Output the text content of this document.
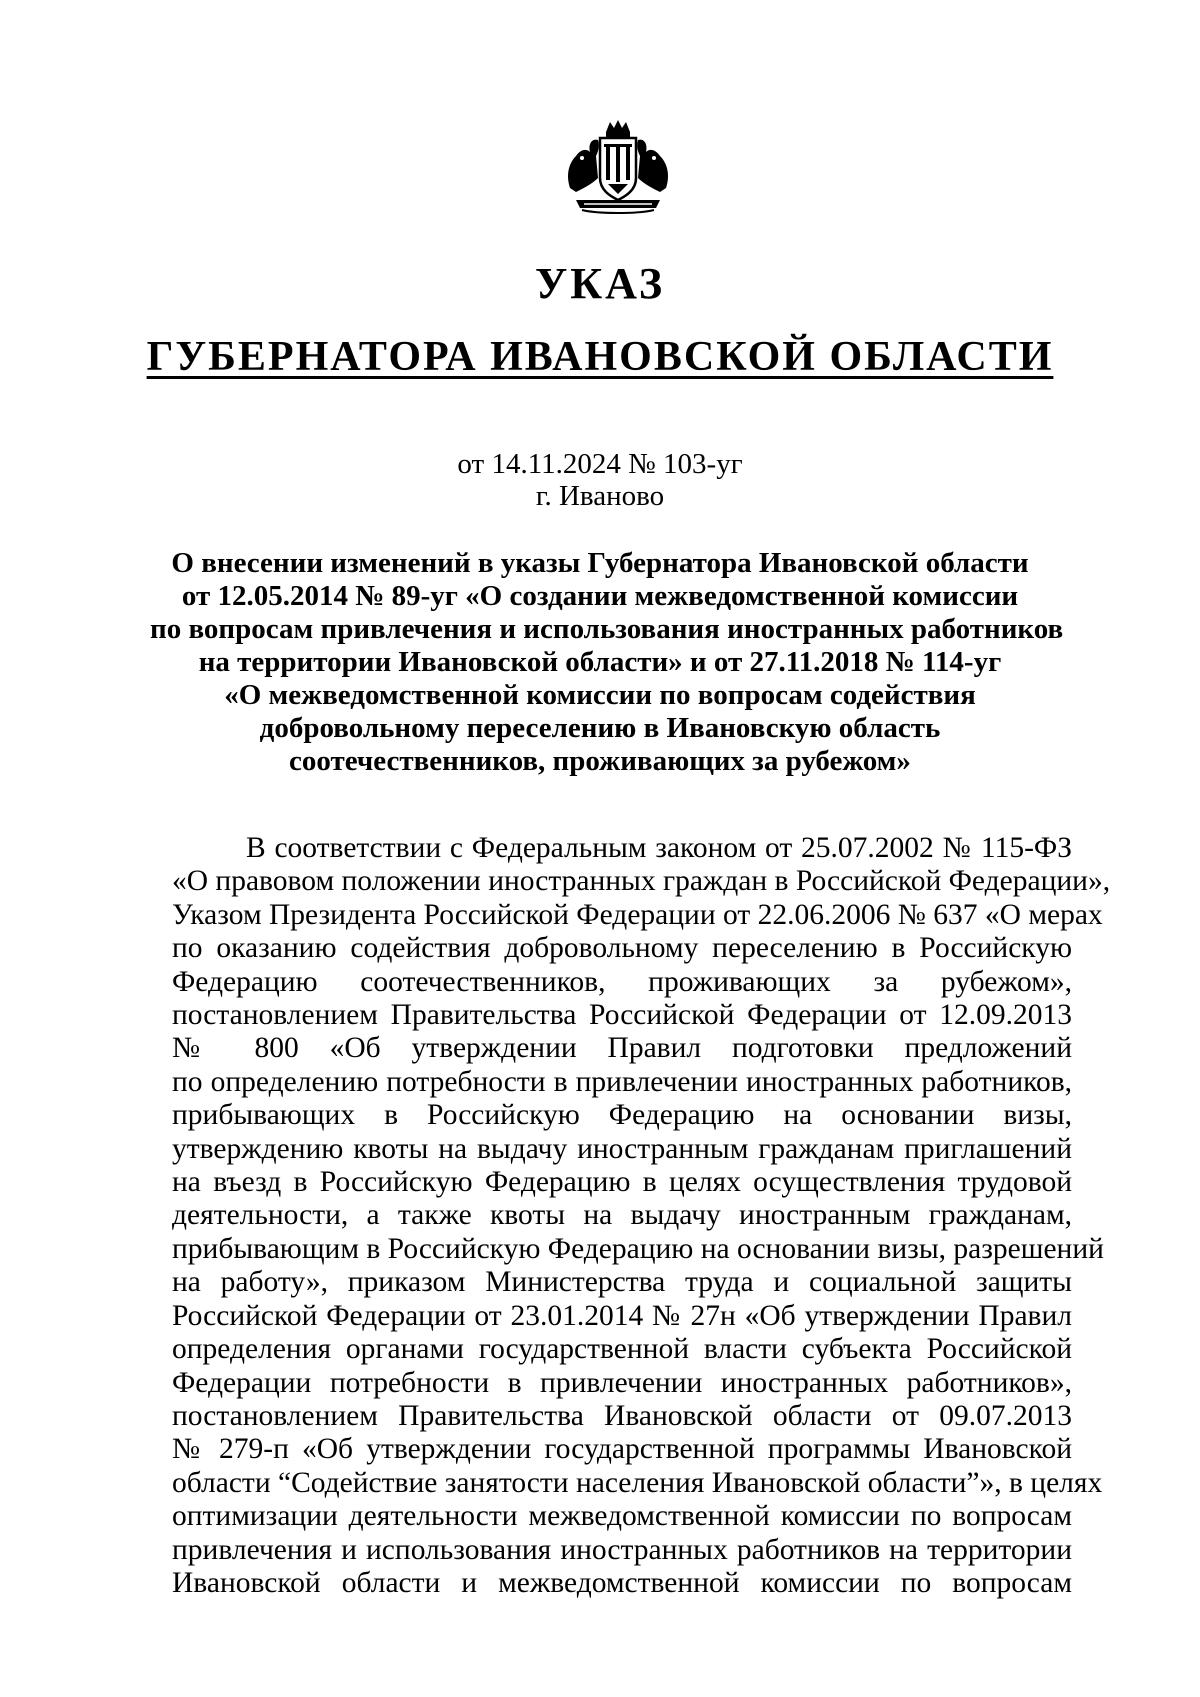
УКАЗ
ГУБЕРНАТОРА ИВАНОВСКОЙ ОБЛАСТИ

от 14.11.2024 № 103-уг

г. Иваново

О внесении изменений в указы Губернатора Ивановской области
от 12.05.2014 № 89-уг «О создании межведомственной комиссии
по вопросам привлечения и использования иностранных работников
на территории Ивановской области» и от 27.11.2018 № 114-уг
«О межведомственной комиссии по вопросам содействия
добровольному переселению в Ивановскую область
соотечественников, проживающих за рубежом»
В соответствии с Федеральным законом от 25.07.2002 № 115-ФЗ
«О правовом положении иностранных граждан в Российской Федерации»,
Указом Президента Российской Федерации от 22.06.2006 № 637 «О мерах
по оказанию содействия добровольному переселению в Российскую
Федерацию соотечественников, проживающих за рубежом»,
постановлением Правительства Российской Федерации от 12.09.2013
№ 800 «Об утверждении Правил подготовки предложений
по определению потребности в привлечении иностранных работников,
прибывающих в Российскую Федерацию на основании визы,
утверждению квоты на выдачу иностранным гражданам приглашений
на въезд в Российскую Федерацию в целях осуществления трудовой
деятельности, а также квоты на выдачу иностранным гражданам,
прибывающим в Российскую Федерацию на основании визы, разрешений
на работу», приказом Министерства труда и социальной защиты
Российской Федерации от 23.01.2014 № 27н «Об утверждении Правил
определения органами государственной власти субъекта Российской
Федерации потребности в привлечении иностранных работников»,
постановлением Правительства Ивановской области от 09.07.2013
№ 279-п «Об утверждении государственной программы Ивановской
области “Содействие занятости населения Ивановской области”», в целях
оптимизации деятельности межведомственной комиссии по вопросам
привлечения и использования иностранных работников на территории
Ивановской области и межведомственной комиссии по вопросам
